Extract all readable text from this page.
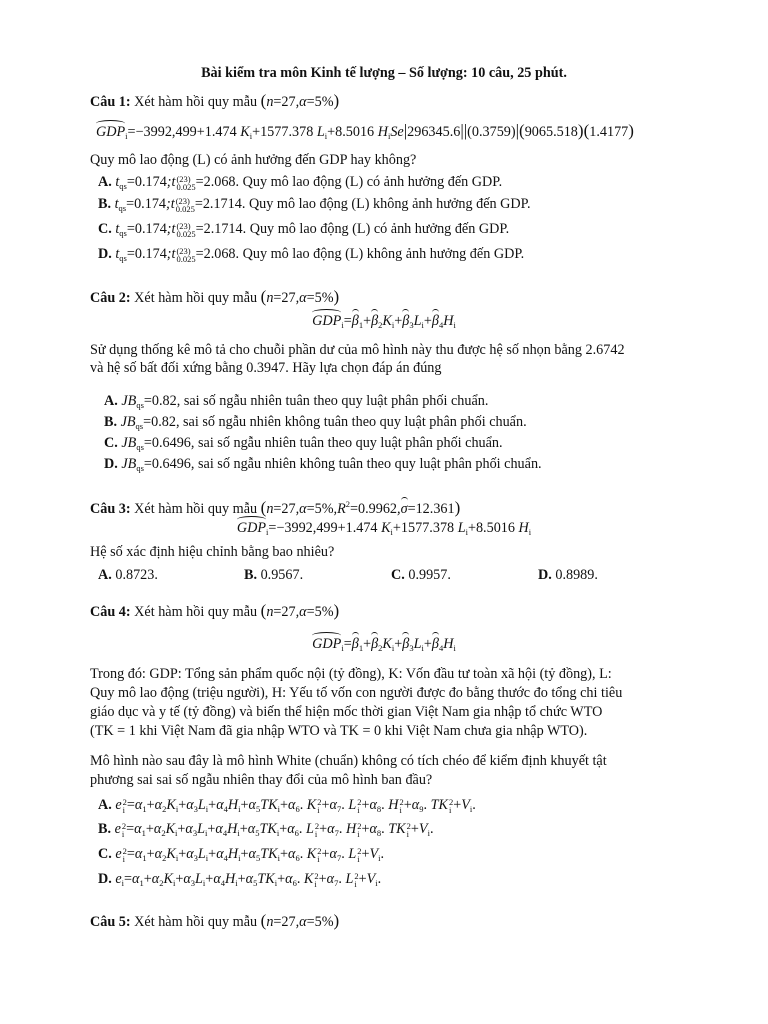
Bài kiểm tra môn Kinh tế lượng – Số lượng: 10 câu, 25 phút.
Câu 1: Xét hàm hồi quy mẫu (n=27,α=5%)
$GDP_i=-3992,499+1.474$ $K_i+1577.378$ $L_i+8.5016$ $H_iSe|296345.6||(0.3759)|(9065.518)(1.4177)$
Quy mô lao động (L) có ảnh hưởng đến GDP hay không?
A. $t_{qs}=0.174;t(23)$
0.025=2.068. Quy mô lao động (L) có ảnh hưởng đến GDP.
B. $t_{qs}=0.174;t(23)$
0.025=2.1714. Quy mô lao động (L) không ảnh hưởng đến GDP.
C. $t_{qs}=0.174;t(23)$
0.025=2.1714. Quy mô lao động (L) có ảnh hưởng đến GDP.
D. $t_{qs}=0.174;t(23)$
0.025=2.068. Quy mô lao động (L) không ảnh hưởng đến GDP.
Câu 2: Xét hàm hồi quy mẫu (n=27,α=5%)
$GDP_i=\beta_1+\beta_2K_i+\beta_3L_i+\beta_4H_i$
Sử dụng thống kê mô tả cho chuỗi phần dư của mô hình này thu được hệ số nhọn bằng 2.6742
và hệ số bất đối xứng bằng 0.3947. Hãy lựa chọn đáp án đúng
A. $JB_{qs}=0.82$, sai số ngẫu nhiên tuân theo quy luật phân phối chuẩn.
B. $JB_{qs}=0.82$, sai số ngẫu nhiên không tuân theo quy luật phân phối chuẩn.
C. $JB_{qs}=0.6496$, sai số ngẫu nhiên tuân theo quy luật phân phối chuẩn.
D. $JB_{qs}=0.6496$, sai số ngẫu nhiên không tuân theo quy luật phân phối chuẩn.
Câu 3: Xét hàm hồi quy mẫu $(n=27,\alpha=5\%,R^2=0.9962,\sigma=12.361)$
$GDP_i=-3992,499+1.474$ $K_i+1577.378$ $L_i+8.5016$ $H_i$
Hệ số xác định hiệu chỉnh bằng bao nhiêu?
A. 0.8723.	B. 0.9567.	C. 0.9957.	D. 0.8989.
Câu 4: Xét hàm hồi quy mẫu (n=27,α=5%)
$GDP_i=\beta_1+\beta_2K_i+\beta_3L_i+\beta_4H_i$
Trong đó: GDP: Tổng sản phẩm quốc nội (tỷ đồng), K: Vốn đầu tư toàn xã hội (tỷ đồng), L:
Quy mô lao động (triệu người), H: Yếu tố vốn con người được đo bằng thước đo tổng chi tiêu
giáo dục và y tế (tỷ đồng) và biến thể hiện mốc thời gian Việt Nam gia nhập tổ chức WTO
(TK = 1 khi Việt Nam đã gia nhập WTO và TK = 0 khi Việt Nam chưa gia nhập WTO).
Mô hình nào sau đây là mô hình White (chuẩn) không có tích chéo để kiểm định khuyết tật
phương sai sai số ngẫu nhiên thay đổi của mô hình ban đầu?
A. e2
$i =\alpha_1+\alpha_2K_i+\alpha_3L_i+\alpha_4H_i+\alpha_5TK_i+\alpha_6$. K2
$i +\alpha_7$. L2
$i +\alpha_8$. H2
$i +\alpha_9$. TK2
$i +V_i$.
B. e2
$i =\alpha_1+\alpha_2K_i+\alpha_3L_i+\alpha_4H_i+\alpha_5TK_i+\alpha_6$. L2
$i +\alpha_7$. H2
$i +\alpha_8$. TK2
$i +V_i$.
C. e2
$i =\alpha_1+\alpha_2K_i+\alpha_3L_i+\alpha_4H_i+\alpha_5TK_i+\alpha_6$. K2
$i +\alpha_7$. L2
$i +V_i$.
D. $e_i=\alpha_1+\alpha_2K_i+\alpha_3L_i+\alpha_4H_i+\alpha_5TK_i+\alpha_6$. K2
$i +\alpha_7$. L2
$i +V_i$.
Câu 5: Xét hàm hồi quy mẫu (n=27,α=5%)
